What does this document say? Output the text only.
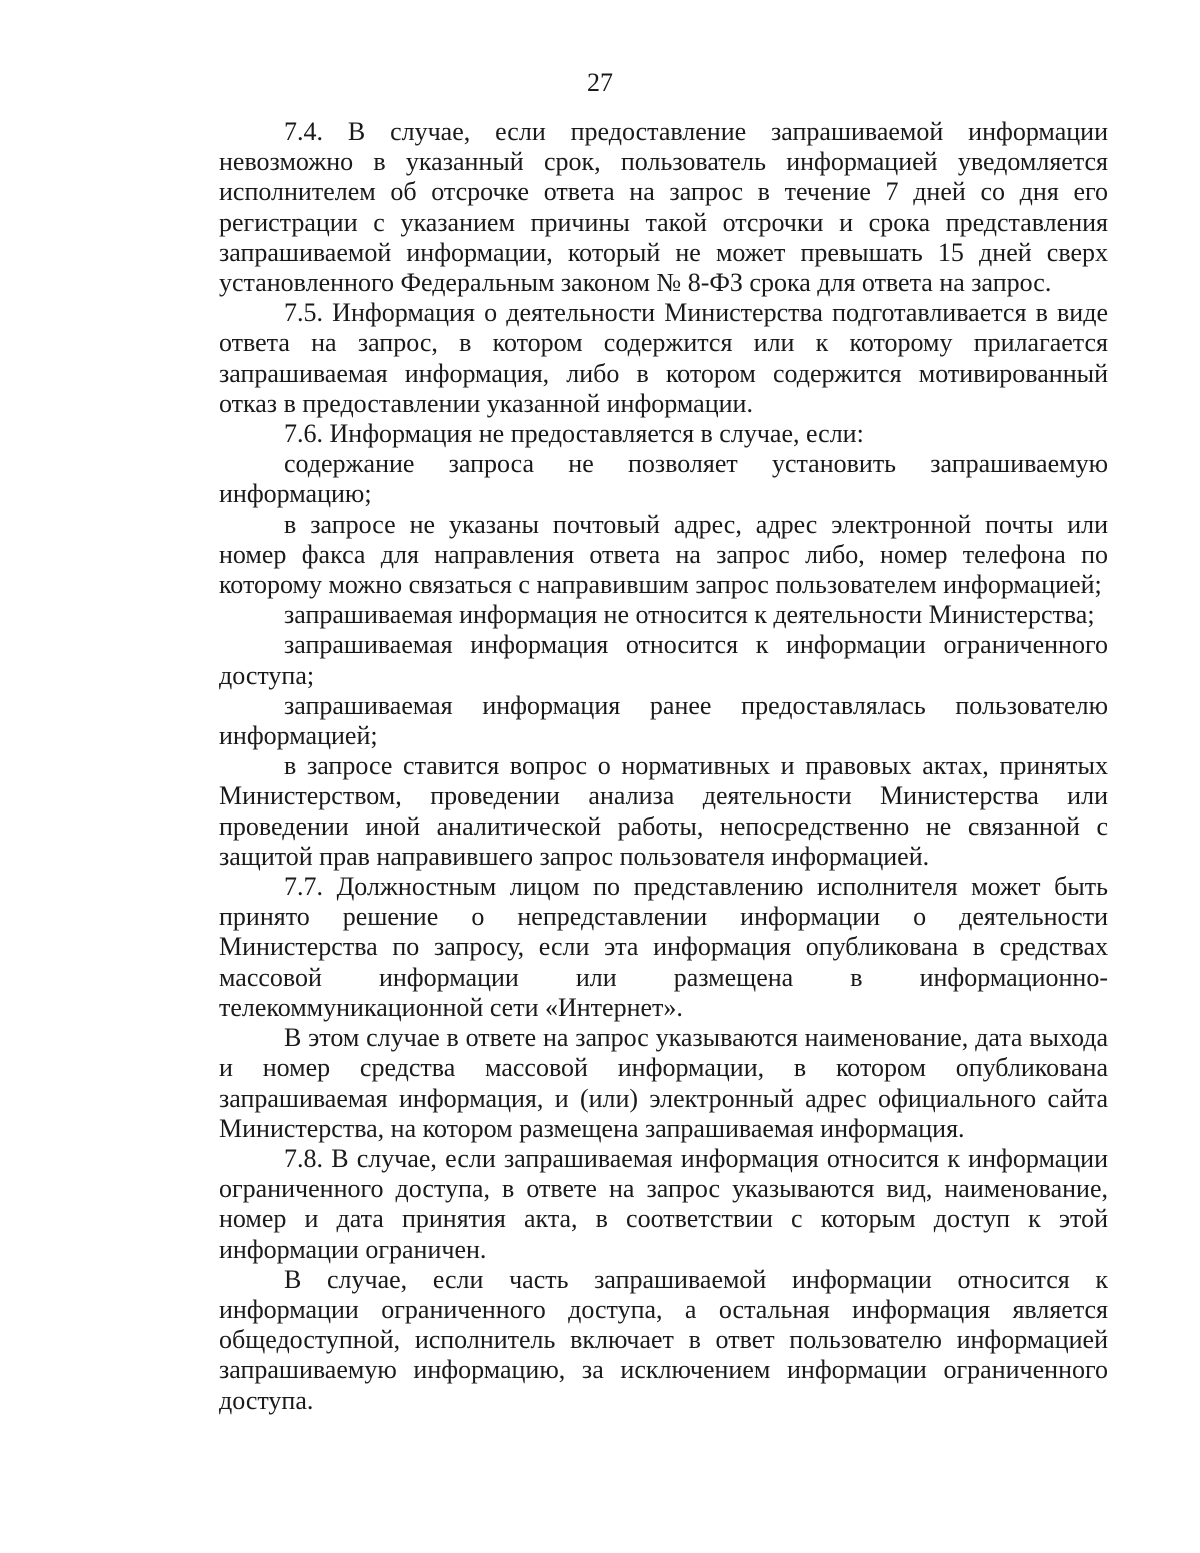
27

7.4. В случае, если предоставление запрашиваемой информации невозможно в указанный срок, пользователь информацией уведомляется исполнителем об отсрочке ответа на запрос в течение 7 дней со дня его регистрации с указанием причины такой отсрочки и срока представления запрашиваемой информации, который не может превышать 15 дней сверх установленного Федеральным законом № 8-ФЗ срока для ответа на запрос.

7.5. Информация о деятельности Министерства подготавливается в виде ответа на запрос, в котором содержится или к которому прилагается запрашиваемая информация, либо в котором содержится мотивированный отказ в предоставлении указанной информации.

7.6. Информация не предоставляется в случае, если:

содержание запроса не позволяет установить запрашиваемую информацию;

в запросе не указаны почтовый адрес, адрес электронной почты или номер факса для направления ответа на запрос либо, номер телефона по которому можно связаться с направившим запрос пользователем информацией;

запрашиваемая информация не относится к деятельности Министерства;

запрашиваемая информация относится к информации ограниченного доступа;

запрашиваемая информация ранее предоставлялась пользователю информацией;

в запросе ставится вопрос о нормативных и правовых актах, принятых Министерством, проведении анализа деятельности Министерства или проведении иной аналитической работы, непосредственно не связанной с защитой прав направившего запрос пользователя информацией.

7.7. Должностным лицом по представлению исполнителя может быть принято решение о непредставлении информации о деятельности Министерства по запросу, если эта информация опубликована в средствах массовой информации или размещена в информационно-телекоммуникационной сети «Интернет».

В этом случае в ответе на запрос указываются наименование, дата выхода и номер средства массовой информации, в котором опубликована запрашиваемая информация, и (или) электронный адрес официального сайта Министерства, на котором размещена запрашиваемая информация.

7.8. В случае, если запрашиваемая информация относится к информации ограниченного доступа, в ответе на запрос указываются вид, наименование, номер и дата принятия акта, в соответствии с которым доступ к этой информации ограничен.

В случае, если часть запрашиваемой информации относится к информации ограниченного доступа, а остальная информация является общедоступной, исполнитель включает в ответ пользователю информацией запрашиваемую информацию, за исключением информации ограниченного доступа.
